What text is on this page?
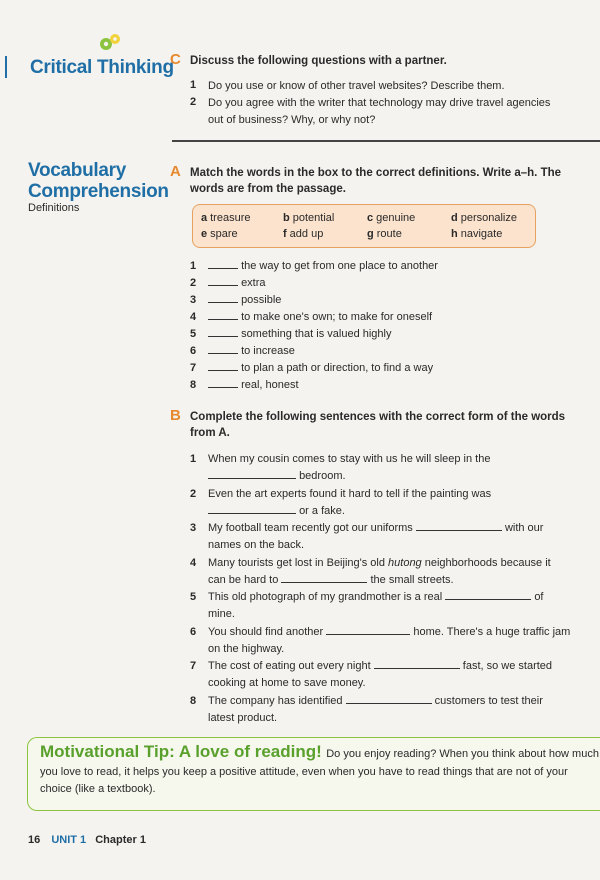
Critical Thinking
C Discuss the following questions with a partner.
1 Do you use or know of other travel websites? Describe them.
2 Do you agree with the writer that technology may drive travel agencies
out of business? Why, or why not?
Vocabulary
Comprehension
Definitions
A Match the words in the box to the correct definitions. Write a–h. The
words are from the passage.
a treasure	b potential	c genuine	d personalize
e spare	f add up	g route	h navigate
1	the way to get from one place to another
2	extra
3	possible
4	to make one's own; to make for oneself
5	something that is valued highly
6	to increase
7	to plan a path or direction, to find a way
8	real, honest
B Complete the following sentences with the correct form of the words
from A.
1 When my cousin comes to stay with us he will sleep in the
bedroom.
2 Even the art experts found it hard to tell if the painting was
or a fake.
3 My football team recently got our uniforms	with our
names on the back.
4 Many tourists get lost in Beijing's old hutong neighborhoods because it
can be hard to	the small streets.
5 This old photograph of my grandmother is a real	of
mine.
6 You should find another	home. There's a huge traffic jam
on the highway.
7 The cost of eating out every night	fast, so we started
cooking at home to save money.
8 The company has identified	customers to test their
latest product.
Motivational Tip: A love of reading! Do you enjoy reading? When you think about how much
you love to read, it helps you keep a positive attitude, even when you have to read things that are not of your
choice (like a textbook).
16 UNIT 1 Chapter 1
